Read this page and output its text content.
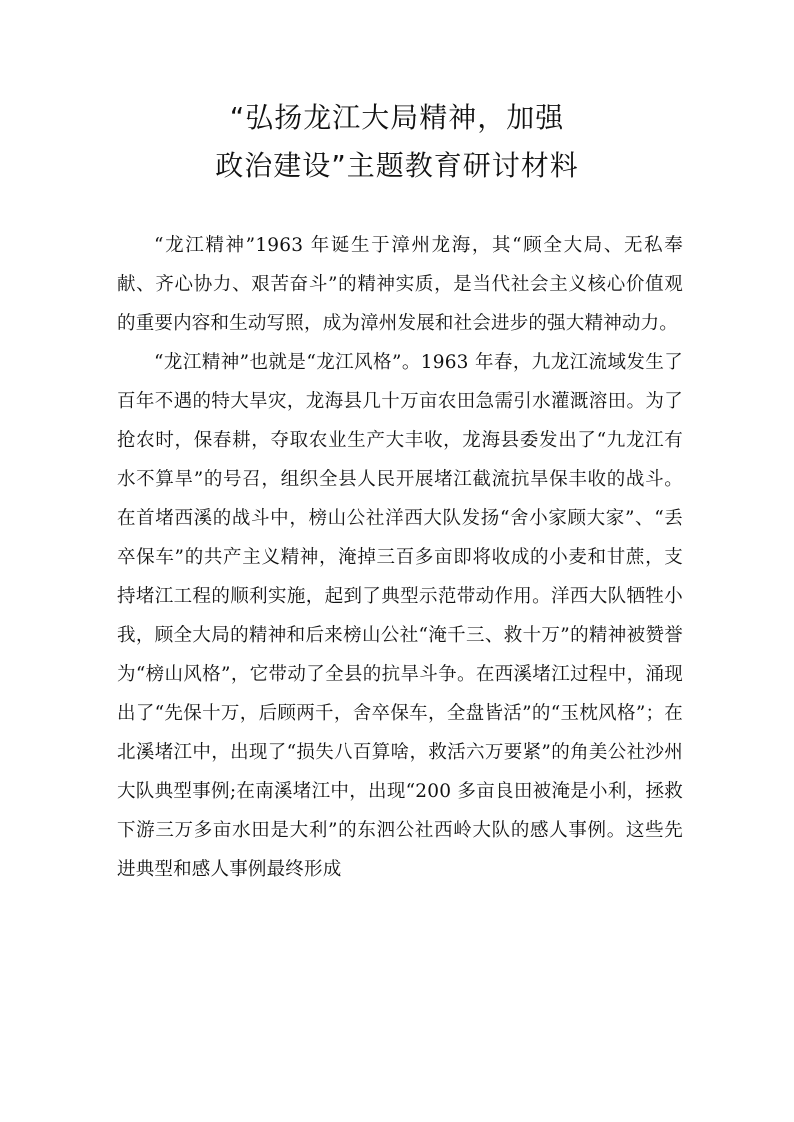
“弘扬龙江大局精神，加强
政治建设”主题教育研讨材料

“龙江精神”1963 年诞生于漳州龙海，其“顾全大局、无私奉献、齐心协力、艰苦奋斗”的精神实质，是当代社会主义核心价值观的重要内容和生动写照，成为漳州发展和社会进步的强大精神动力。

“龙江精神”也就是“龙江风格”。1963 年春，九龙江流域发生了百年不遇的特大旱灾，龙海县几十万亩农田急需引水灌溉溶田。为了抢农时，保春耕，夺取农业生产大丰收，龙海县委发出了“九龙江有水不算旱”的号召，组织全县人民开展堵江截流抗旱保丰收的战斗。在首堵西溪的战斗中，榜山公社洋西大队发扬“舍小家顾大家”、“丢卒保车”的共产主义精神，淹掉三百多亩即将收成的小麦和甘蔗，支持堵江工程的顺利实施，起到了典型示范带动作用。洋西大队牺牲小我，顾全大局的精神和后来榜山公社“淹千三、救十万”的精神被赞誉为“榜山风格”，它带动了全县的抗旱斗争。在西溪堵江过程中，涌现出了“先保十万，后顾两千，舍卒保车，全盘皆活”的“玉枕风格”；在北溪堵江中，出现了“损失八百算啥，救活六万要紧”的角美公社沙州大队典型事例;在南溪堵江中，出现“200 多亩良田被淹是小利，拯救下游三万多亩水田是大利”的东泗公社西岭大队的感人事例。这些先进典型和感人事例最终形成
